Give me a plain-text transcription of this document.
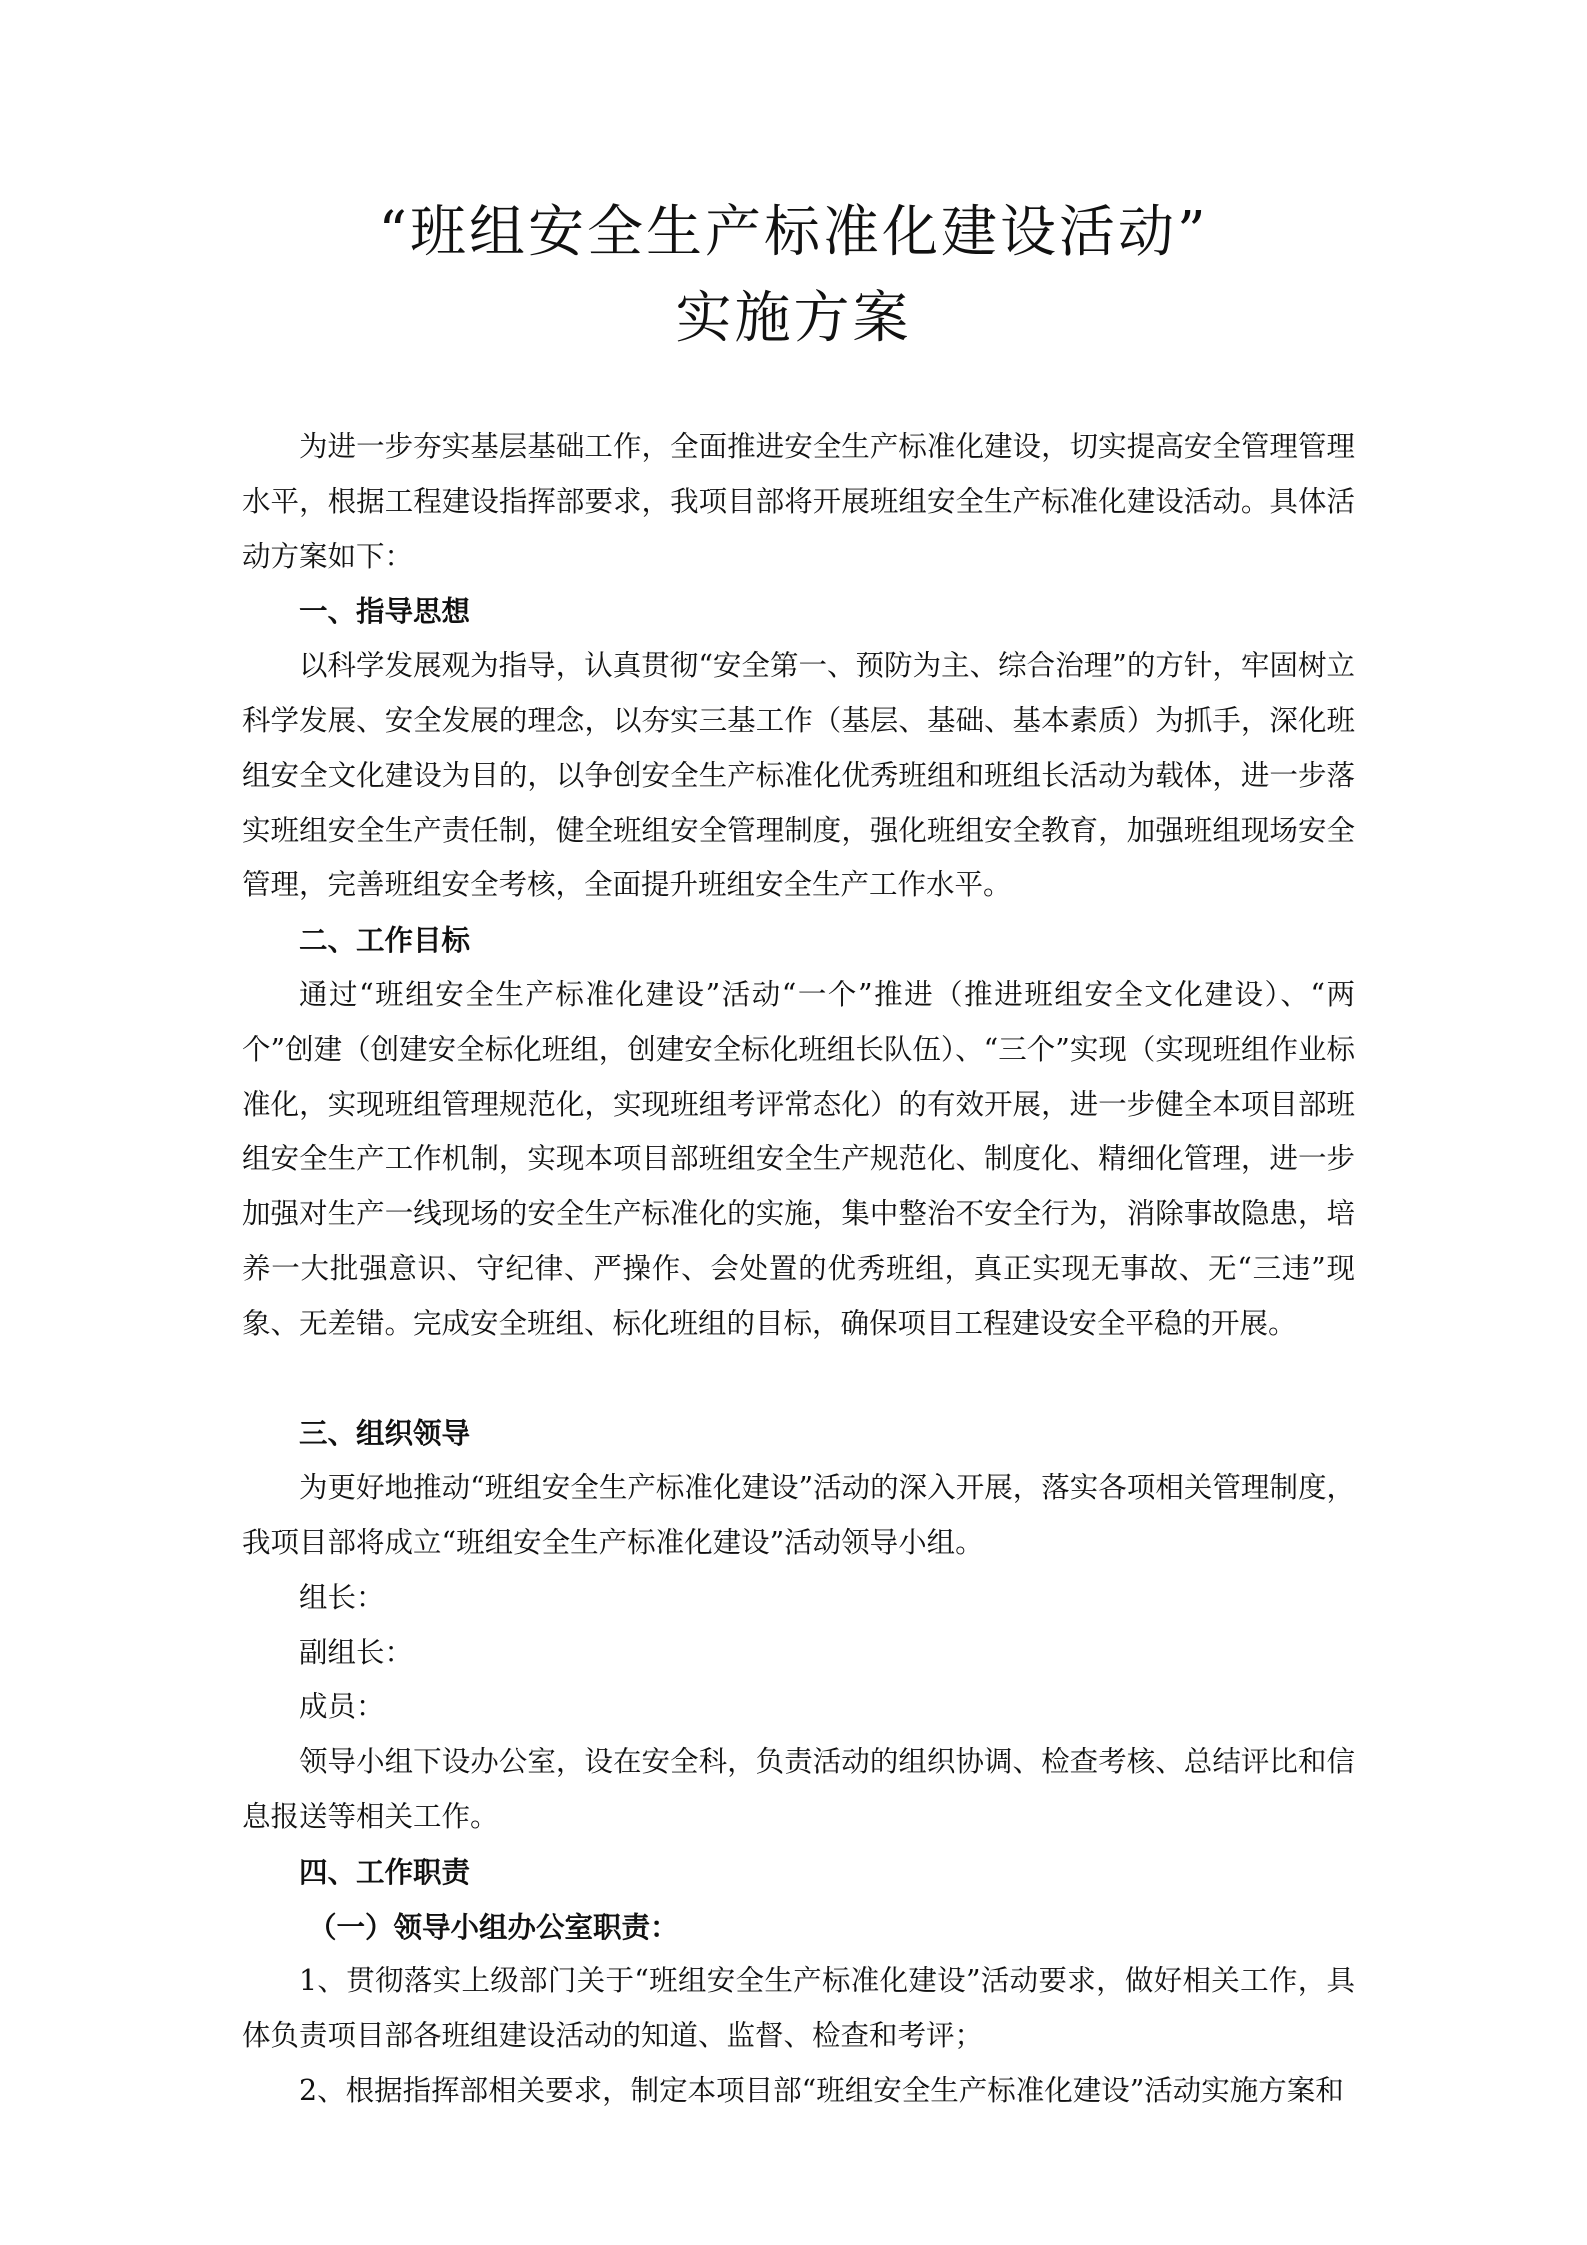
“班组安全生产标准化建设活动”

实施方案

为进一步夯实基层基础工作，全面推进安全生产标准化建设，切实提高安全管理管理水平，根据工程建设指挥部要求，我项目部将开展班组安全生产标准化建设活动。具体活动方案如下：

一、指导思想

以科学发展观为指导，认真贯彻“安全第一、预防为主、综合治理”的方针，牢固树立科学发展、安全发展的理念，以夯实三基工作（基层、基础、基本素质）为抓手，深化班组安全文化建设为目的，以争创安全生产标准化优秀班组和班组长活动为载体，进一步落实班组安全生产责任制，健全班组安全管理制度，强化班组安全教育，加强班组现场安全管理，完善班组安全考核，全面提升班组安全生产工作水平。

二、工作目标

通过“班组安全生产标准化建设”活动“一个”推进（推进班组安全文化建设）、“两个”创建（创建安全标化班组，创建安全标化班组长队伍）、“三个”实现（实现班组作业标准化，实现班组管理规范化，实现班组考评常态化）的有效开展，进一步健全本项目部班组安全生产工作机制，实现本项目部班组安全生产规范化、制度化、精细化管理，进一步加强对生产一线现场的安全生产标准化的实施，集中整治不安全行为，消除事故隐患，培养一大批强意识、守纪律、严操作、会处置的优秀班组，真正实现无事故、无“三违”现象、无差错。完成安全班组、标化班组的目标，确保项目工程建设安全平稳的开展。

三、组织领导

为更好地推动“班组安全生产标准化建设”活动的深入开展，落实各项相关管理制度，我项目部将成立“班组安全生产标准化建设”活动领导小组。

组长：

副组长：

成员：

领导小组下设办公室，设在安全科，负责活动的组织协调、检查考核、总结评比和信息报送等相关工作。

四、工作职责

（一）领导小组办公室职责：

1、贯彻落实上级部门关于“班组安全生产标准化建设”活动要求，做好相关工作，具体负责项目部各班组建设活动的知道、监督、检查和考评；

2、根据指挥部相关要求，制定本项目部“班组安全生产标准化建设”活动实施方案和
